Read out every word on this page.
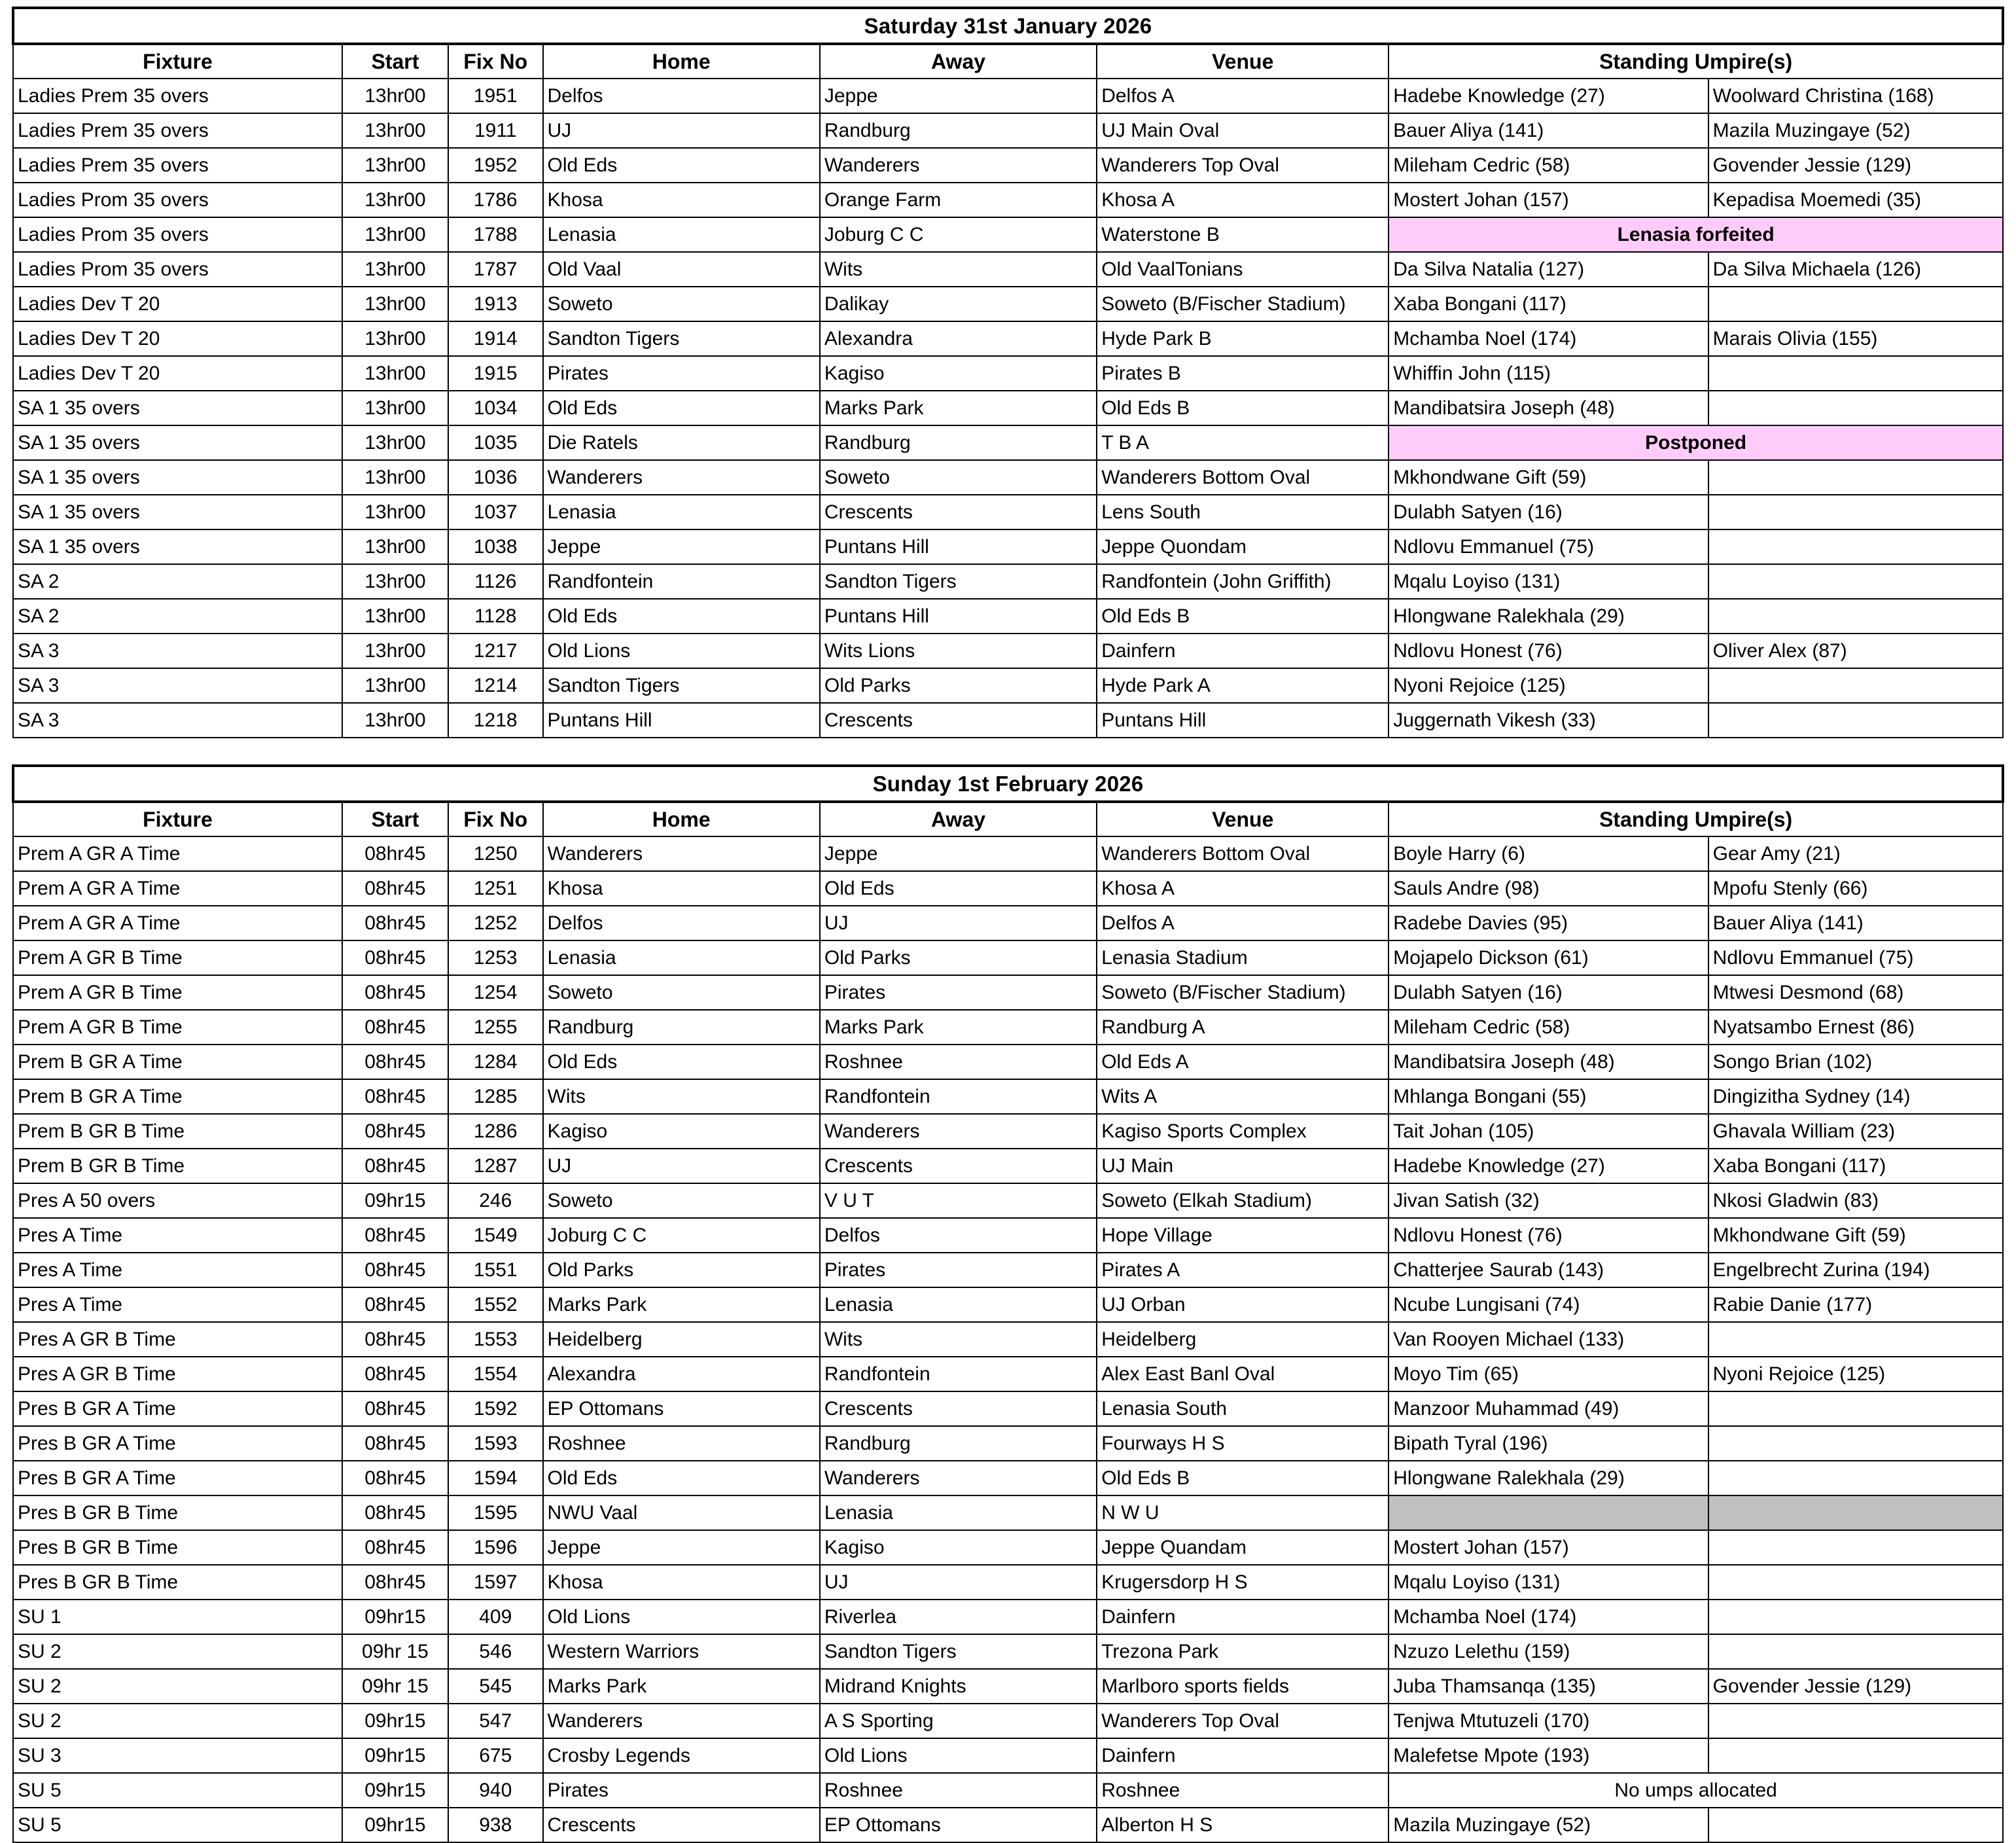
Saturday 31st January 2026							
Fixture	Start	Fix No	Home	Away	Venue	Standing Umpire(s)	
Ladies Prem 35 overs	13hr00	1951	Delfos	Jeppe	Delfos A	Hadebe Knowledge (27)	Woolward Christina (168)
Ladies Prem 35 overs	13hr00	1911	UJ	Randburg	UJ Main Oval	Bauer Aliya (141)	Mazila Muzingaye (52)
Ladies Prem 35 overs	13hr00	1952	Old Eds	Wanderers	Wanderers Top Oval	Mileham Cedric (58)	Govender Jessie (129)
Ladies Prom 35 overs	13hr00	1786	Khosa	Orange Farm	Khosa A	Mostert Johan (157)	Kepadisa Moemedi (35)
Ladies Prom 35 overs	13hr00	1788	Lenasia	Joburg C C	Waterstone B	Lenasia forfeited	
Ladies Prom 35 overs	13hr00	1787	Old Vaal	Wits	Old VaalTonians	Da Silva Natalia (127)	Da Silva Michaela (126)
Ladies Dev T 20	13hr00	1913	Soweto	Dalikay	Soweto (B/Fischer Stadium)	Xaba Bongani (117)	
Ladies Dev T 20	13hr00	1914	Sandton Tigers	Alexandra	Hyde Park B	Mchamba Noel (174)	Marais Olivia (155)
Ladies Dev T 20	13hr00	1915	Pirates	Kagiso	Pirates B	Whiffin John (115)	
SA 1 35 overs	13hr00	1034	Old Eds	Marks Park	Old Eds B	Mandibatsira Joseph (48)	
SA 1 35 overs	13hr00	1035	Die Ratels	Randburg	T B A	Postponed	
SA 1 35 overs	13hr00	1036	Wanderers	Soweto	Wanderers Bottom Oval	Mkhondwane Gift (59)	
SA 1 35 overs	13hr00	1037	Lenasia	Crescents	Lens South	Dulabh Satyen (16)	
SA 1 35 overs	13hr00	1038	Jeppe	Puntans Hill	Jeppe Quondam	Ndlovu Emmanuel (75)	
SA 2	13hr00	1126	Randfontein	Sandton Tigers	Randfontein (John Griffith)	Mqalu Loyiso (131)	
SA 2	13hr00	1128	Old Eds	Puntans Hill	Old Eds B	Hlongwane Ralekhala (29)	
SA 3	13hr00	1217	Old Lions	Wits Lions	Dainfern	Ndlovu Honest (76)	Oliver Alex (87)
SA 3	13hr00	1214	Sandton Tigers	Old Parks	Hyde Park A	Nyoni Rejoice (125)	
SA 3	13hr00	1218	Puntans Hill	Crescents	Puntans Hill	Juggernath Vikesh (33)	
Sunday 1st February 2026							
Fixture	Start	Fix No	Home	Away	Venue	Standing Umpire(s)	
Prem A GR A Time	08hr45	1250	Wanderers	Jeppe	Wanderers Bottom Oval	Boyle Harry (6)	Gear Amy (21)
Prem A GR A Time	08hr45	1251	Khosa	Old Eds	Khosa A	Sauls Andre (98)	Mpofu Stenly (66)
Prem A GR A Time	08hr45	1252	Delfos	UJ	Delfos A	Radebe Davies (95)	Bauer Aliya (141)
Prem A GR B Time	08hr45	1253	Lenasia	Old Parks	Lenasia Stadium	Mojapelo Dickson (61)	Ndlovu Emmanuel (75)
Prem A GR B Time	08hr45	1254	Soweto	Pirates	Soweto (B/Fischer Stadium)	Dulabh Satyen (16)	Mtwesi Desmond (68)
Prem A GR B Time	08hr45	1255	Randburg	Marks Park	Randburg A	Mileham Cedric (58)	Nyatsambo Ernest (86)
Prem B GR A Time	08hr45	1284	Old Eds	Roshnee	Old Eds A	Mandibatsira Joseph (48)	Songo Brian (102)
Prem B GR A Time	08hr45	1285	Wits	Randfontein	Wits A	Mhlanga Bongani (55)	Dingizitha Sydney (14)
Prem B GR B Time	08hr45	1286	Kagiso	Wanderers	Kagiso Sports Complex	Tait Johan (105)	Ghavala William (23)
Prem B GR B Time	08hr45	1287	UJ	Crescents	UJ Main	Hadebe Knowledge (27)	Xaba Bongani (117)
Pres A 50 overs	09hr15	246	Soweto	V U T	Soweto (Elkah Stadium)	Jivan Satish (32)	Nkosi Gladwin (83)
Pres A Time	08hr45	1549	Joburg C C	Delfos	Hope Village	Ndlovu Honest (76)	Mkhondwane Gift (59)
Pres A Time	08hr45	1551	Old Parks	Pirates	Pirates A	Chatterjee Saurab (143)	Engelbrecht Zurina (194)
Pres A Time	08hr45	1552	Marks Park	Lenasia	UJ Orban	Ncube Lungisani (74)	Rabie Danie (177)
Pres A GR B Time	08hr45	1553	Heidelberg	Wits	Heidelberg	Van Rooyen Michael (133)	
Pres A GR B Time	08hr45	1554	Alexandra	Randfontein	Alex East Banl Oval	Moyo Tim (65)	Nyoni Rejoice (125)
Pres B GR A Time	08hr45	1592	EP Ottomans	Crescents	Lenasia South	Manzoor Muhammad (49)	
Pres B GR A Time	08hr45	1593	Roshnee	Randburg	Fourways H S	Bipath Tyral (196)	
Pres B GR A Time	08hr45	1594	Old Eds	Wanderers	Old Eds B	Hlongwane Ralekhala (29)	
Pres B GR B Time	08hr45	1595	NWU Vaal	Lenasia	N W U		
Pres B GR B Time	08hr45	1596	Jeppe	Kagiso	Jeppe Quandam	Mostert Johan (157)	
Pres B GR B Time	08hr45	1597	Khosa	UJ	Krugersdorp H S	Mqalu Loyiso (131)	
SU 1	09hr15	409	Old Lions	Riverlea	Dainfern	Mchamba Noel (174)	
SU 2	09hr 15	546	Western Warriors	Sandton Tigers	Trezona Park	Nzuzo Lelethu (159)	
SU 2	09hr 15	545	Marks Park	Midrand Knights	Marlboro sports fields	Juba Thamsanqa (135)	Govender Jessie (129)
SU 2	09hr15	547	Wanderers	A S Sporting	Wanderers Top Oval	Tenjwa Mtutuzeli (170)	
SU 3	09hr15	675	Crosby Legends	Old Lions	Dainfern	Malefetse Mpote (193)	
SU 5	09hr15	940	Pirates	Roshnee	Roshnee	No umps allocated	
SU 5	09hr15	938	Crescents	EP Ottomans	Alberton H S	Mazila Muzingaye (52)	
